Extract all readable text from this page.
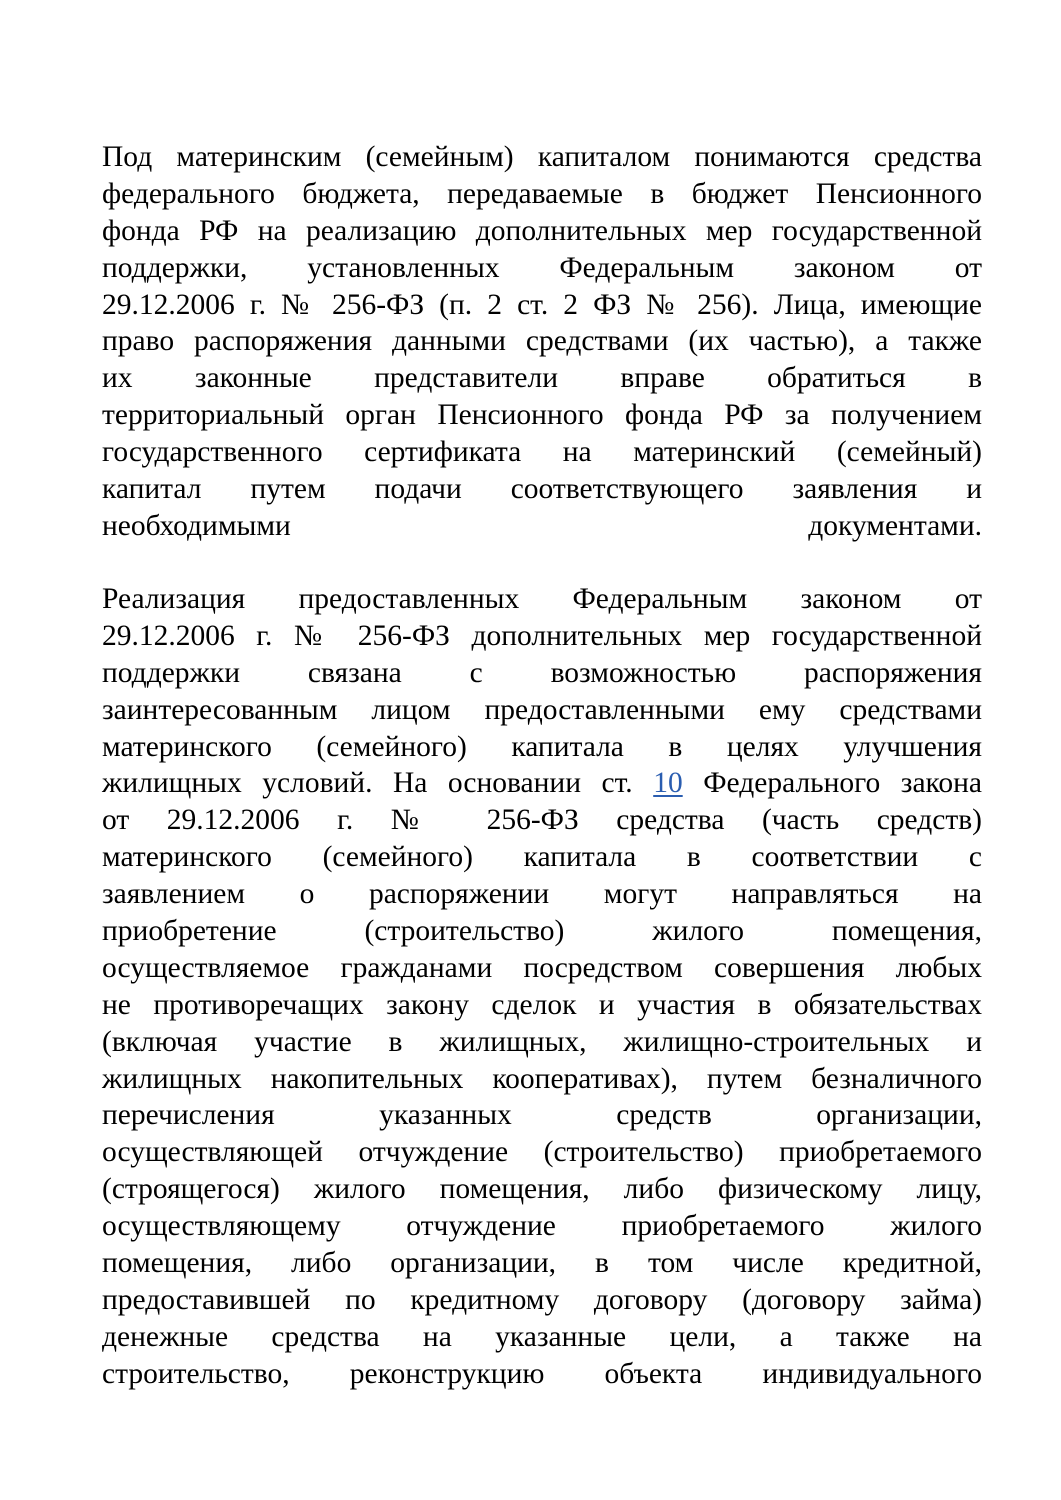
Под материнским (семейным) капиталом понимаются средства
федерального бюджета, передаваемые в бюджет Пенсионного
фонда РФ на реализацию дополнительных мер государственной
поддержки, установленных Федеральным законом от
29.12.2006 г. № 256-ФЗ (п. 2 ст. 2 ФЗ № 256). Лица, имеющие
право распоряжения данными средствами (их частью), а также
их законные представители вправе обратиться в
территориальный орган Пенсионного фонда РФ за получением
государственного сертификата на материнский (семейный)
капитал путем подачи соответствующего заявления и
необходимыми документами.
Реализация предоставленных Федеральным законом от
29.12.2006 г. № 256-ФЗ дополнительных мер государственной
поддержки связана с возможностью распоряжения
заинтересованным лицом предоставленными ему средствами
материнского (семейного) капитала в целях улучшения
жилищных условий. На основании ст. 10 Федерального закона
от 29.12.2006 г. № 256-ФЗ средства (часть средств)
материнского (семейного) капитала в соответствии с
заявлением о распоряжении могут направляться на
приобретение (строительство) жилого помещения,
осуществляемое гражданами посредством совершения любых
не противоречащих закону сделок и участия в обязательствах
(включая участие в жилищных, жилищно-строительных и
жилищных накопительных кооперативах), путем безналичного
перечисления указанных средств организации,
осуществляющей отчуждение (строительство) приобретаемого
(строящегося) жилого помещения, либо физическому лицу,
осуществляющему отчуждение приобретаемого жилого
помещения, либо организации, в том числе кредитной,
предоставившей по кредитному договору (договору займа)
денежные средства на указанные цели, а также на
строительство, реконструкцию объекта индивидуального
